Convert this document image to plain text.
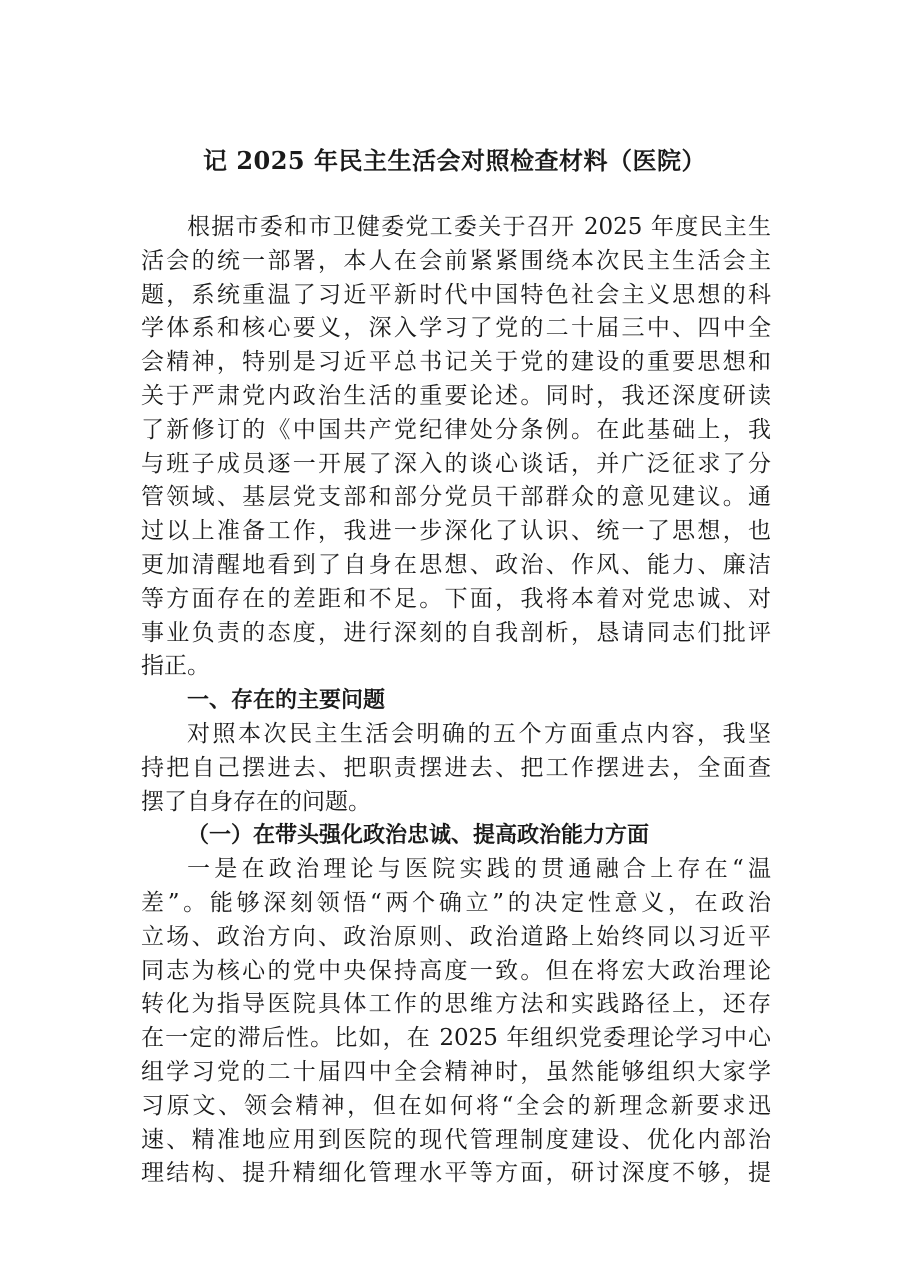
记 2025 年民主生活会对照检查材料（医院）
根据市委和市卫健委党工委关于召开 2025 年度民主生
活会的统一部署，本人在会前紧紧围绕本次民主生活会主
题，系统重温了习近平新时代中国特色社会主义思想的科
学体系和核心要义，深入学习了党的二十届三中、四中全
会精神，特别是习近平总书记关于党的建设的重要思想和
关于严肃党内政治生活的重要论述。同时，我还深度研读
了新修订的《中国共产党纪律处分条例。在此基础上，我
与班子成员逐一开展了深入的谈心谈话，并广泛征求了分
管领域、基层党支部和部分党员干部群众的意见建议。通
过以上准备工作，我进一步深化了认识、统一了思想，也
更加清醒地看到了自身在思想、政治、作风、能力、廉洁
等方面存在的差距和不足。下面，我将本着对党忠诚、对
事业负责的态度，进行深刻的自我剖析，恳请同志们批评
指正。
一、存在的主要问题
对照本次民主生活会明确的五个方面重点内容，我坚
持把自己摆进去、把职责摆进去、把工作摆进去，全面查
摆了自身存在的问题。
（一）在带头强化政治忠诚、提高政治能力方面
一是在政治理论与医院实践的贯通融合上存在“温
差”。能够深刻领悟“两个确立”的决定性意义，在政治
立场、政治方向、政治原则、政治道路上始终同以习近平
同志为核心的党中央保持高度一致。但在将宏大政治理论
转化为指导医院具体工作的思维方法和实践路径上，还存
在一定的滞后性。比如，在 2025 年组织党委理论学习中心
组学习党的二十届四中全会精神时，虽然能够组织大家学
习原文、领会精神，但在如何将“全会的新理念新要求迅
速、精准地应用到医院的现代管理制度建设、优化内部治
理结构、提升精细化管理水平等方面，研讨深度不够，提
